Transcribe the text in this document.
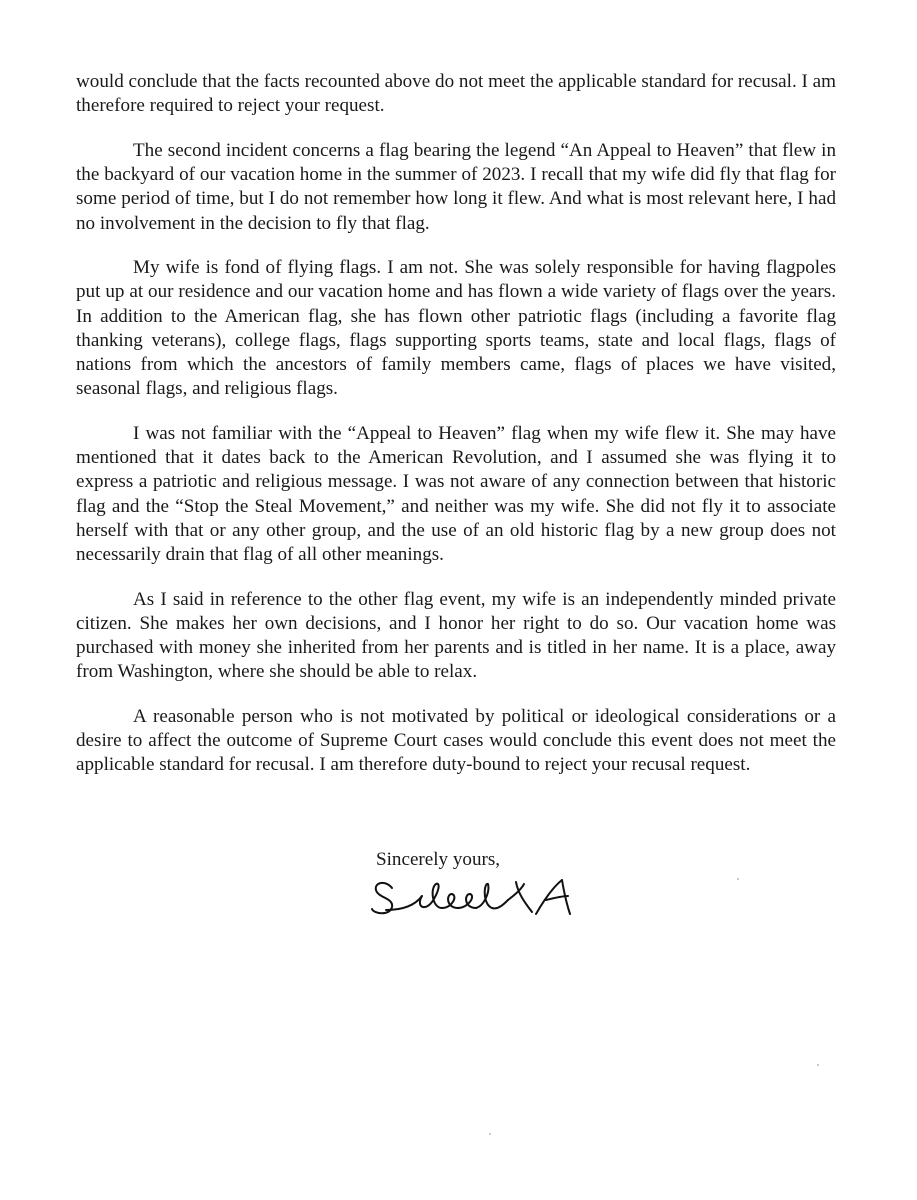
would conclude that the facts recounted above do not meet the applicable standard for recusal. I am therefore required to reject your request.

The second incident concerns a flag bearing the legend “An Appeal to Heaven” that flew in the backyard of our vacation home in the summer of 2023. I recall that my wife did fly that flag for some period of time, but I do not remember how long it flew. And what is most relevant here, I had no involvement in the decision to fly that flag.

My wife is fond of flying flags. I am not. She was solely responsible for having flagpoles put up at our residence and our vacation home and has flown a wide variety of flags over the years. In addition to the American flag, she has flown other patriotic flags (including a favorite flag thanking veterans), college flags, flags supporting sports teams, state and local flags, flags of nations from which the ancestors of family members came, flags of places we have visited, seasonal flags, and religious flags.

I was not familiar with the “Appeal to Heaven” flag when my wife flew it. She may have mentioned that it dates back to the American Revolution, and I assumed she was flying it to express a patriotic and religious message. I was not aware of any connection between that historic flag and the “Stop the Steal Movement,” and neither was my wife. She did not fly it to associate herself with that or any other group, and the use of an old historic flag by a new group does not necessarily drain that flag of all other meanings.

As I said in reference to the other flag event, my wife is an independently minded private citizen. She makes her own decisions, and I honor her right to do so. Our vacation home was purchased with money she inherited from her parents and is titled in her name. It is a place, away from Washington, where she should be able to relax.

A reasonable person who is not motivated by political or ideological considerations or a desire to affect the outcome of Supreme Court cases would conclude this event does not meet the applicable standard for recusal. I am therefore duty-bound to reject your recusal request.

Sincerely yours,
